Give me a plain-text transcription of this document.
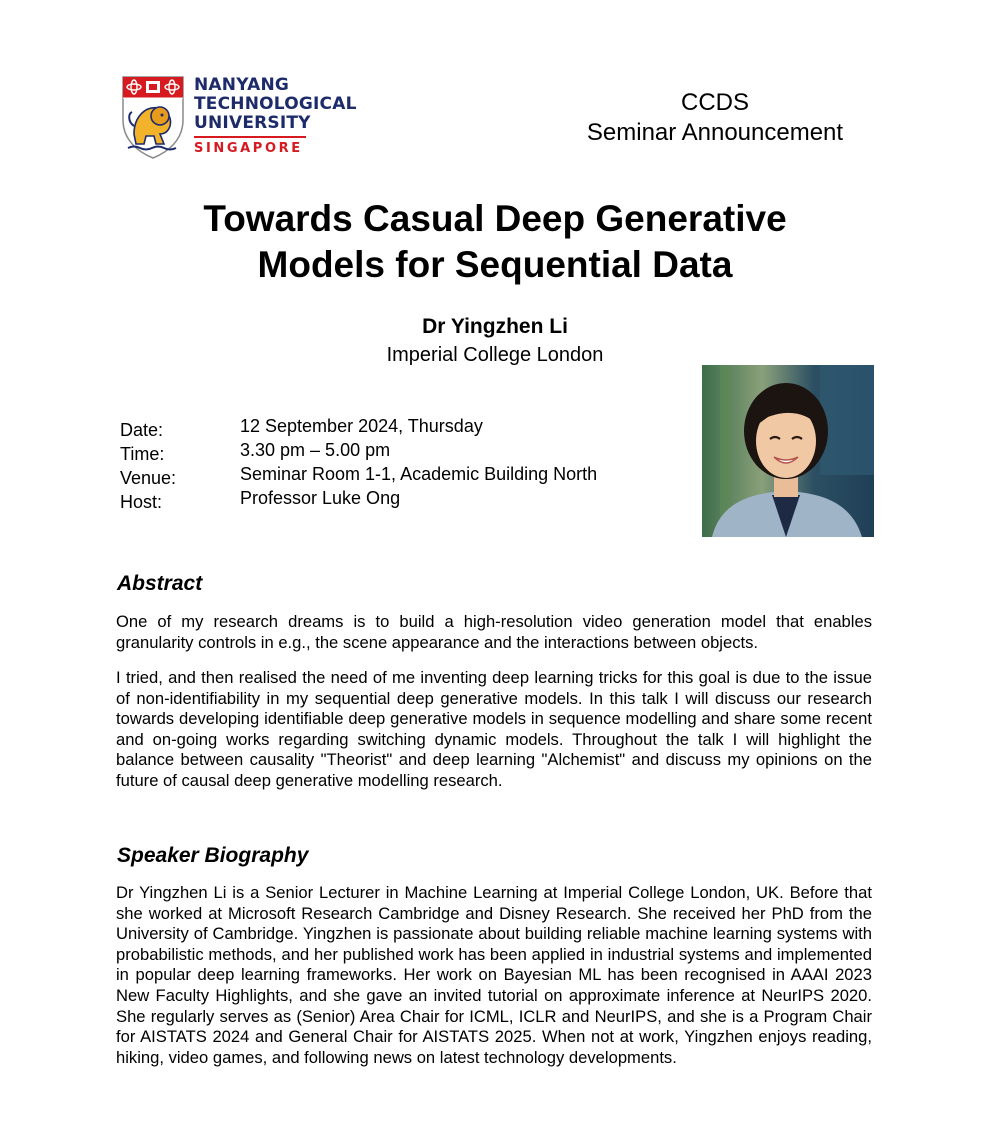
NANYANG
TECHNOLOGICAL
UNIVERSITY
SINGAPORE
CCDS
Seminar Announcement
Towards Casual Deep Generative
Models for Sequential Data
Dr Yingzhen Li
Imperial College London
Date:	12 September 2024, Thursday
Time:	3.30 pm – 5.00 pm
Venue:	Seminar Room 1-1, Academic Building North
Host:	Professor Luke Ong
Abstract
One of my research dreams is to build a high-resolution video generation model that enables granularity controls in e.g., the scene appearance and the interactions between objects.
I tried, and then realised the need of me inventing deep learning tricks for this goal is due to the issue of non-identifiability in my sequential deep generative models. In this talk I will discuss our research towards developing identifiable deep generative models in sequence modelling and share some recent and on-going works regarding switching dynamic models. Throughout the talk I will highlight the balance between causality "Theorist" and deep learning "Alchemist" and discuss my opinions on the future of causal deep generative modelling research.
Speaker Biography
Dr Yingzhen Li is a Senior Lecturer in Machine Learning at Imperial College London, UK. Before that she worked at Microsoft Research Cambridge and Disney Research. She received her PhD from the University of Cambridge. Yingzhen is passionate about building reliable machine learning systems with probabilistic methods, and her published work has been applied in industrial systems and implemented in popular deep learning frameworks. Her work on Bayesian ML has been recognised in AAAI 2023 New Faculty Highlights, and she gave an invited tutorial on approximate inference at NeurIPS 2020. She regularly serves as (Senior) Area Chair for ICML, ICLR and NeurIPS, and she is a Program Chair for AISTATS 2024 and General Chair for AISTATS 2025. When not at work, Yingzhen enjoys reading, hiking, video games, and following news on latest technology developments.
